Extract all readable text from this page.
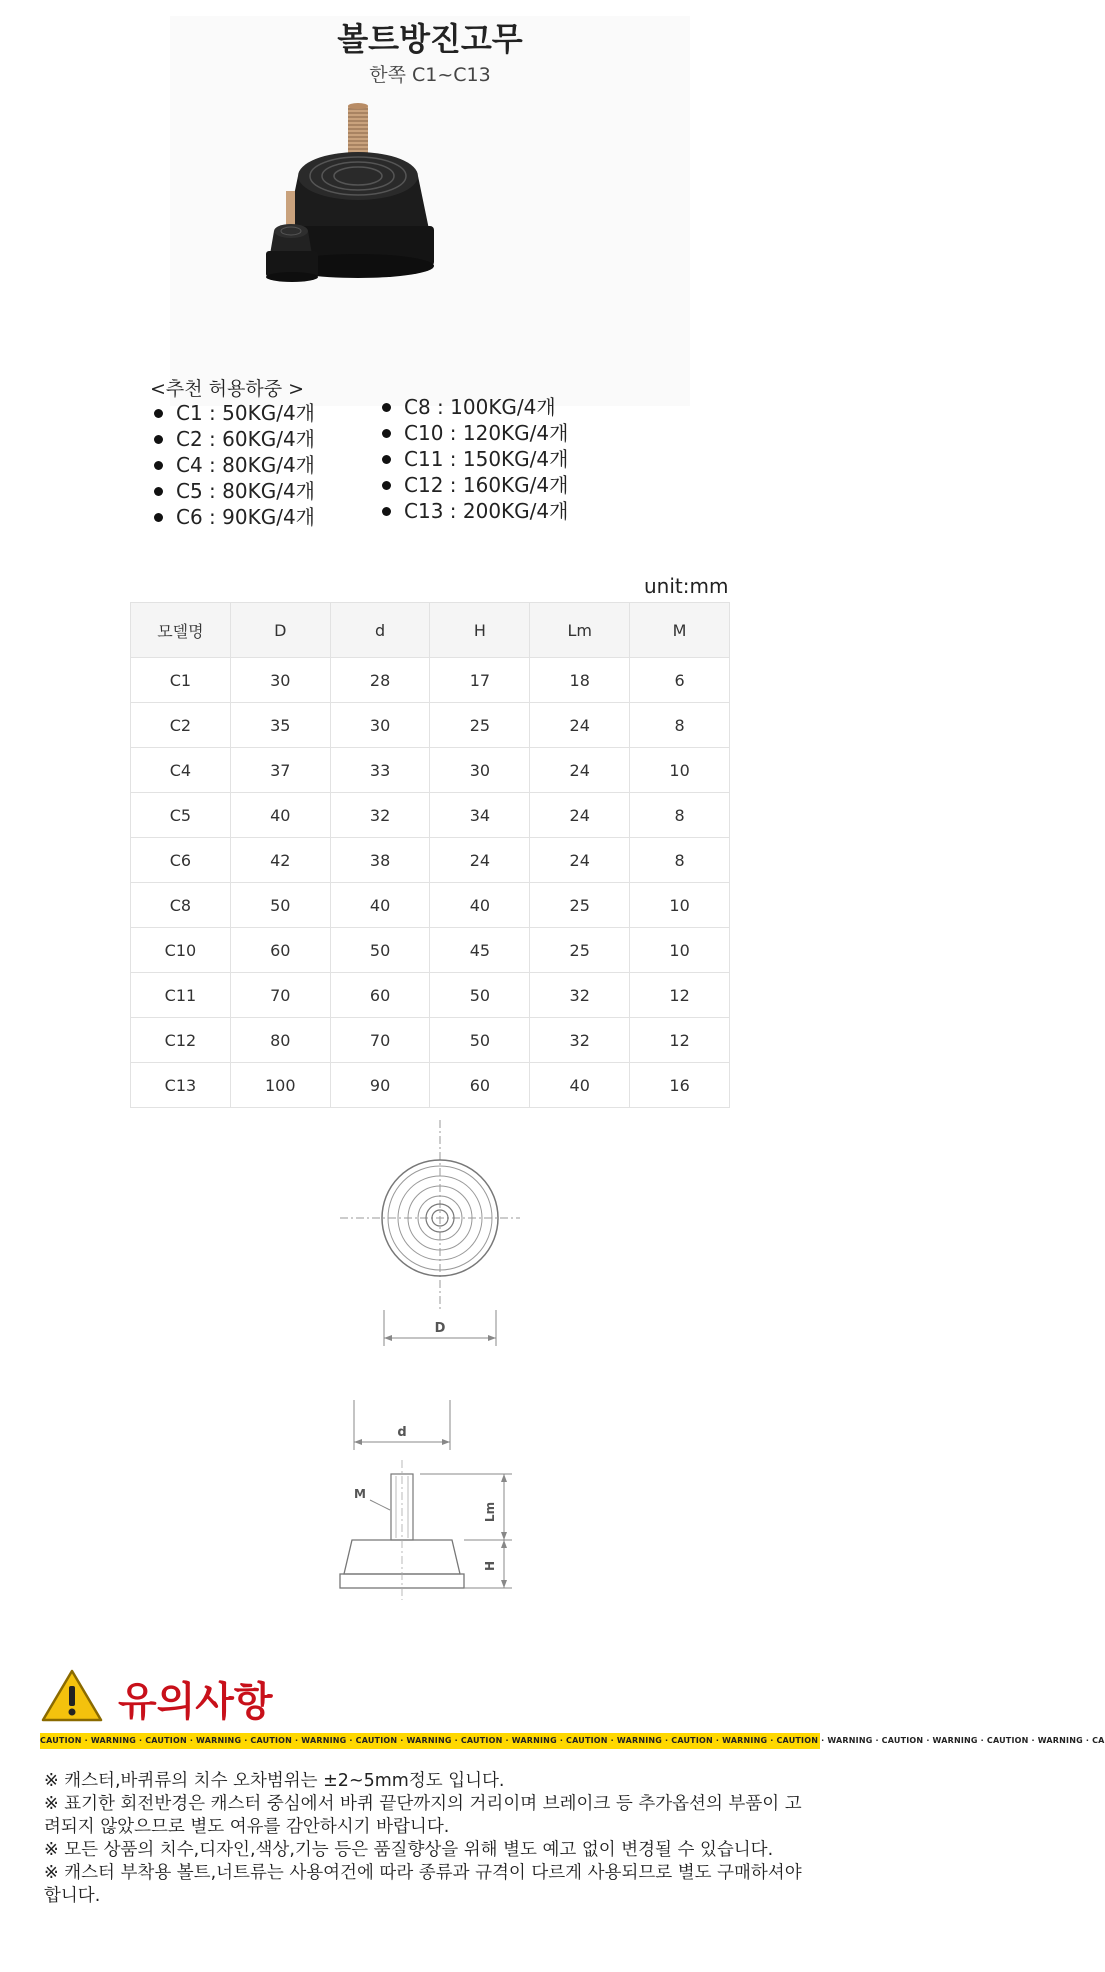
볼트방진고무
한쪽 C1~C13
<추천 허용하중 >
C1 : 50KG/4개
C2 : 60KG/4개
C4 : 80KG/4개
C5 : 80KG/4개
C6 : 90KG/4개
C8 : 100KG/4개
C10 : 120KG/4개
C11 : 150KG/4개
C12 : 160KG/4개
C13 : 200KG/4개
unit:mm
모델명	D	d	H	Lm	M
C1	30	28	17	18	6
C2	35	30	25	24	8
C4	37	33	30	24	10
C5	40	32	34	24	8
C6	42	38	24	24	8
C8	50	40	40	25	10
C10	60	50	45	25	10
C11	70	60	50	32	12
C12	80	70	50	32	12
C13	100	90	60	40	16
D
d
M
Lm
H
유의사항
CAUTION · WARNING · CAUTION · WARNING · CAUTION · WARNING · CAUTION · WARNING · CAUTION · WARNING · CAUTION · WARNING · CAUTION · WARNING · CAUTION · WARNING · CAUTION · WARNING · CAUTION · WARNING · CA

※ 캐스터,바퀴류의 치수 오차범위는 ±2~5mm정도 입니다.

※ 표기한 회전반경은 캐스터 중심에서 바퀴 끝단까지의 거리이며 브레이크 등 추가옵션의 부품이 고려되지 않았으므로 별도 여유를 감안하시기 바랍니다.

※ 모든 상품의 치수,디자인,색상,기능 등은 품질향상을 위해 별도 예고 없이 변경될 수 있습니다.

※ 캐스터 부착용 볼트,너트류는 사용여건에 따라 종류과 규격이 다르게 사용되므로 별도 구매하셔야 합니다.
